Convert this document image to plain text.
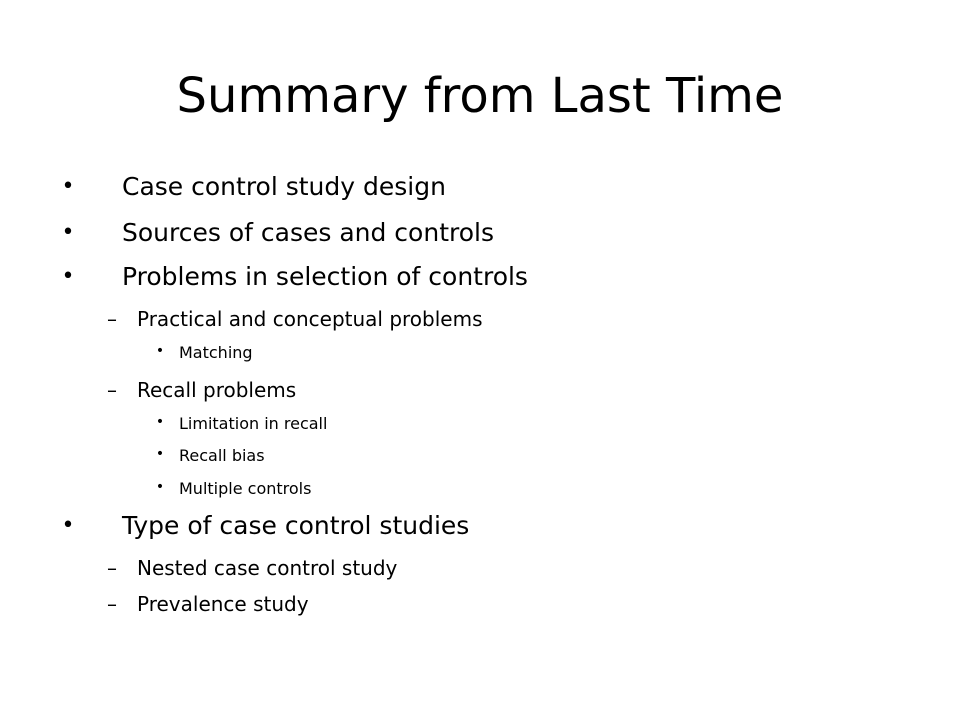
Summary from Last Time
• Case control study design
• Sources of cases and controls
• Problems in selection of controls
– Practical and conceptual problems
• Matching
– Recall problems
• Limitation in recall
• Recall bias
• Multiple controls
• Type of case control studies
– Nested case control study
– Prevalence study
